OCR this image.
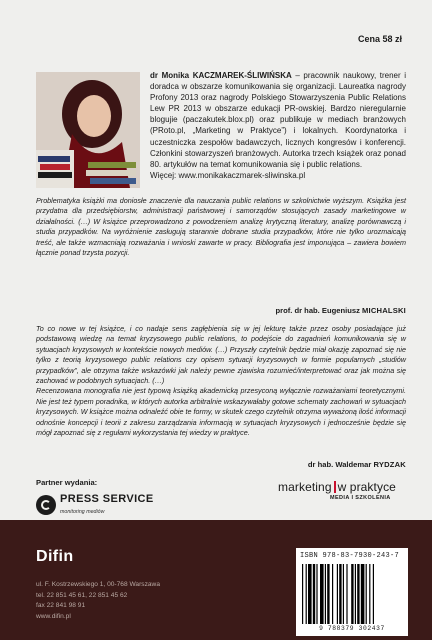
Cena 58 zł
dr Monika KACZMAREK-ŚLIWIŃSKA – pracownik naukowy, trener i doradca w obszarze komunikowania się organizacji. Laureatka nagrody Profony 2013 oraz nagrody Polskiego Stowarzyszenia Public Relations Lew PR 2013 w obszarze edukacji PR-owskiej. Bardzo nieregularnie blogujie (paczakutek.blox.pl) oraz publikuje w mediach branżowych (PRoto.pl, „Marketing w Praktyce”) i lokalnych. Koordynatorka i uczestniczka zespołów badawczych, licznych kongresów i konferencji. Członkini stowarzyszeń branżowych. Autorka trzech książek oraz ponad 80. artykułów na temat komunikowania się i public relations.
Więcej: www.monikakaczmarek-sliwinska.pl

Problematyka książki ma doniosłe znaczenie dla nauczania public relations w szkolnictwie wyższym. Książka jest przydatna dla przedsiębiorstw, administracji państwowej i samorządów stosujących zasady marketingowe w działalności. (…) W książce przeprowadzono z powodzeniem analizę krytyczną literatury, analizę porównawczą i studia przypadków. Na wyróżnienie zasługują starannie dobrane studia przypadków, które nie tylko urozmaicają treść, ale także wzmacniają rozważania i wnioski zawarte w pracy. Bibliografia jest imponująca – zawiera bowiem łącznie ponad trzysta pozycji.

prof. dr hab. Eugeniusz MICHALSKI

To co nowe w tej książce, i co nadaje sens zagłębienia się w jej lekturę także przez osoby posiadające już podstawową wiedzę na temat kryzysowego public relations, to podejście do zagadnień komunikowania się w sytuacjach kryzysowych w kontekście nowych mediów. (…) Przyszły czytelnik będzie miał okazję zapoznać się nie tylko z teorią kryzysowego public relations czy opisem sytuacji kryzysowych w formie popularnych „studiów przypadków”, ale otrzyma także wskazówki jak należy pewne zjawiska rozumieć/interpretować oraz jak można się zachować w podobnych sytuacjach. (…)

Recenzowana monografia nie jest typową książką akademicką przesyconą wyłącznie rozważaniami teoretycznymi. Nie jest też typem poradnika, w których autorka arbitralnie wskazywałaby gotowe schematy zachowań w sytuacjach kryzysowych. W książce można odnaleźć obie te formy, w skutek czego czytelnik otrzyma wyważoną ilość informacji odnośnie koncepcji i teorii z zakresu zarządzania informacją w sytuacjach kryzysowych i jednocześnie będzie się mógł zapoznać się z regułami wykorzystania tej wiedzy w praktyce.

dr hab. Waldemar RYDZAK
Partner wydania:
PRESS SERVICE
monitoring mediów
marketing w praktyce
MEDIA I SZKOLENIA
Difin
ul. F. Kostrzewskiego 1, 00-768 Warszawa
tel. 22 851 45 61, 22 851 45 62
fax 22 841 98 91
www.difin.pl
ISBN 978-83-7930-243-7
9 788379 302437
